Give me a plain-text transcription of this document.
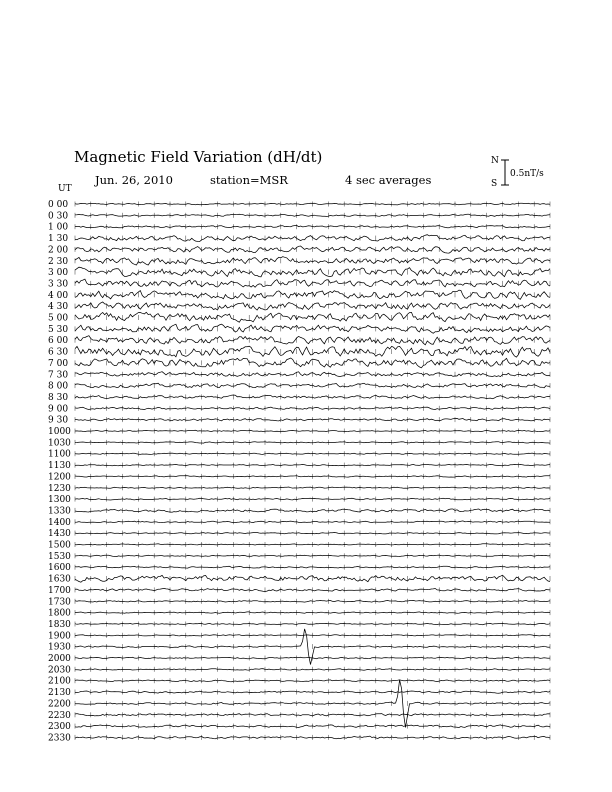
Magnetic Field Variation (dH/dt)
Jun. 26, 2010	station=MSR	4 sec averages
UT
N
S
0.5nT/s
0 00
0 30
1 00
1 30
2 00
2 30
3 00
3 30
4 00
4 30
5 00
5 30
6 00
6 30
7 00
7 30
8 00
8 30
9 00
9 30
1000
1030
1100
1130
1200
1230
1300
1330
1400
1430
1500
1530
1600
1630
1700
1730
1800
1830
1900
1930
2000
2030
2100
2130
2200
2230
2300
2330
